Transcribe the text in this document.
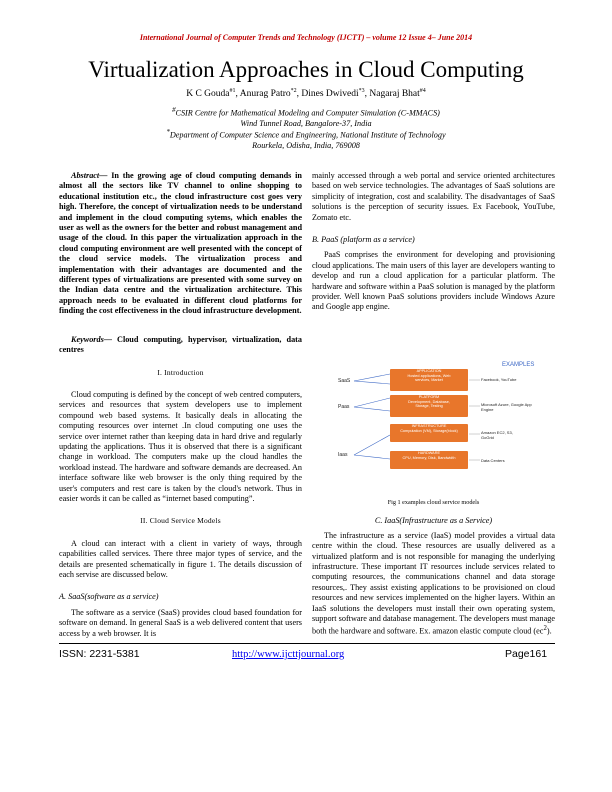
International Journal of Computer Trends and Technology (IJCTT) – volume 12 Issue 4– June 2014
Virtualization Approaches in Cloud Computing
K C Gouda$^{\#1}$, Anurag Patro$^{*2}$, Dines Dwivedi$^{*3}$, Nagaraj Bhat$^{\#4}$
#CSIR Centre for Mathematical Modeling and Computer Simulation (C-MMACS)
Wind Tunnel Road, Bangalore-37, India
*Department of Computer Science and Engineering, National Institute of Technology
Rourkela, Odisha, India, 769008

Abstract— In the growing age of cloud computing demands in almost all the sectors like TV channel to online shopping to educational institution etc., the cloud infrastructure cost goes very high. Therefore, the concept of virtualization needs to be understand and implement in the cloud computing sytems, which enables the user as well as the owners for the better and robust management and usage of the cloud. In this paper the virtualization approach in the cloud computing environment are well presented with the concept of the cloud service models. The virtualization process and implementation with their advantages are documented and the different types of virtualizations are presented with some survey on the Indian data centre and the virtualization architecture. This approach needs to be evaluated in different cloud platforms for finding the cost effectiveness in the cloud infrastructure development.

Keywords— Cloud computing, hypervisor, virtualization, data centres

I. Introduction

Cloud computing is defined by the concept of web centred computers, services and resources that system developers use to implement compound web based systems. It basically deals in allocating the computing resources over internet .In cloud computing one uses the service over internet rather than keeping data in hard drive and regularly updating the applications. Thus it is observed that there is a significant change in workload. The computers make up the cloud handles the workload instead. The hardware and software demands are decreased. An interface software like web browser is the only thing required by the user's computers and rest care is taken by the cloud's network. Thus in easier words it can be called as “internet based computing”.

II. Cloud Service Models

A cloud can interact with a client in variety of ways, through capabilities called services. There three major types of service, and the details are presented schematically in figure 1. The details discussion of each servise are discussed below.

A. SaaS(software as a service)

The software as a service (SaaS) provides cloud based foundation for software on demand. In general SaaS is a web delivered content that users access by a web browser. It is

mainly accessed through a web portal and service oriented architectures based on web service technologies. The advantages of SaaS solutions are simplicity of integration, cost and scalability. The disadvantages of SaaS solutions is the perception of security issues. Ex Facebook, YouTube, Zomato etc.

B. PaaS (platform as a service)

PaaS comprises the environment for developing and provisioning cloud applications. The main users of this layer are developers wanting to develop and run a cloud application for a particular platform. The hardware and software within a PaaS solution is managed by the platform provider. Well known PaaS solutions providers include Windows Azure and Google app engine.

EXAMPLES
SaaS
Paas
Iaas
APPLICATION
Hosted applications, Web
services, Market
PLATFORM
Development, Database,
Storage, Testing
INFRASTRUCTURE
Computation (VM), Storage(block)
HARDWARE
CPU, Memory, Disk, Bandwidth
Facebook, YouTube
Microsoft Azure, Google App
Engine
Amazon EC2, S3,
GoGrid
Data Centers

Fig 1 examples cloud service models

C. IaaS(Infrastructure as a Service)

The infrastructure as a service (IaaS) model provides a virtual data centre within the cloud. These resources are usually delivered as a virtualized platform and is not responsible for managing the underlying infrastructure. These important IT resources include services related to computing resources, the communications channel and data storage resources,. They assist existing applications to be provisioned on cloud resources and new services implemented on the higher layers. Within an IaaS solutions the developers must install their own operating system, support software and database management. The developers must manage both the hardware and software. Ex. amazon elastic compute cloud $(ec^2)$.

ISSN: 2231-5381	http://www.ijcttjournal.org	Page161
